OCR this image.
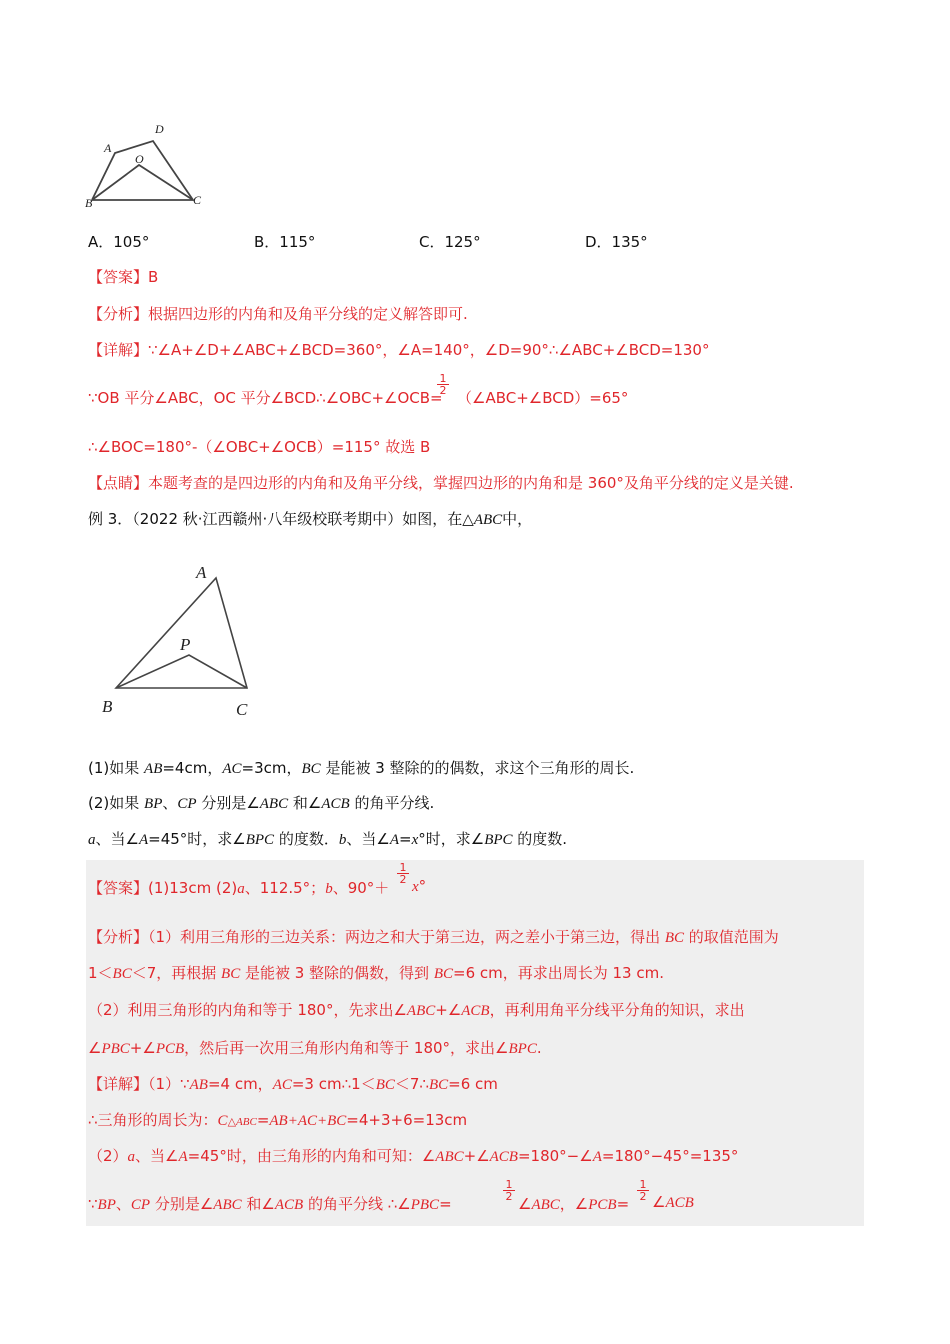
A
D
O
B	C
A．105°	B．115°	C．125°	D．135°
【答案】B
【分析】根据四边形的内角和及角平分线的定义解答即可.
【详解】∵∠A+∠D+∠ABC+∠BCD=360°，∠A=140°，∠D=90°∴∠ABC+∠BCD=130°
∵OB 平分∠ABC，OC 平分∠BCD∴∠OBC+∠OCB=
$\frac{1}{2}$
（∠ABC+∠BCD）=65°
∴∠BOC=180°-（∠OBC+∠OCB）=115° 故选 B
【点睛】本题考查的是四边形的内角和及角平分线，掌握四边形的内角和是 360°及角平分线的定义是关键.
例 3．（2022 秋·江西赣州·八年级校联考期中）如图，在△ABC中，
A
P
B	C
(1)如果 AB=4cm，AC=3cm，BC 是能被 3 整除的的偶数，求这个三角形的周长.
(2)如果 BP、CP 分别是∠ABC 和∠ACB 的角平分线.
a、当∠A=45°时，求∠BPC 的度数．b、当∠A=x°时，求∠BPC 的度数.
【答案】(1)13cm (2)a、112.5°；b、90°＋
$\frac{1}{2}$
x°
【分析】（1）利用三角形的三边关系：两边之和大于第三边，两之差小于第三边，得出 BC 的取值范围为
1＜BC＜7，再根据 BC 是能被 3 整除的偶数，得到 BC=6 cm，再求出周长为 13 cm.
（2）利用三角形的内角和等于 180°，先求出∠ABC+∠ACB，再利用角平分线平分角的知识，求出
∠PBC+∠PCB，然后再一次用三角形内角和等于 180°，求出∠BPC.
【详解】（1）∵AB=4 cm，AC=3 cm∴1＜BC＜7∴BC=6 cm
∴三角形的周长为：C△ABC=AB+AC+BC=4+3+6=13cm
（2）a、当∠A=45°时，由三角形的内角和可知：∠ABC+∠ACB=180°−∠A=180°−45°=135°
∵BP、CP 分别是∠ABC 和∠ACB 的角平分线 ∴∠PBC=
$\frac{1}{2}$
∠ABC，∠PCB=
$\frac{1}{2}$ ∠ACB
